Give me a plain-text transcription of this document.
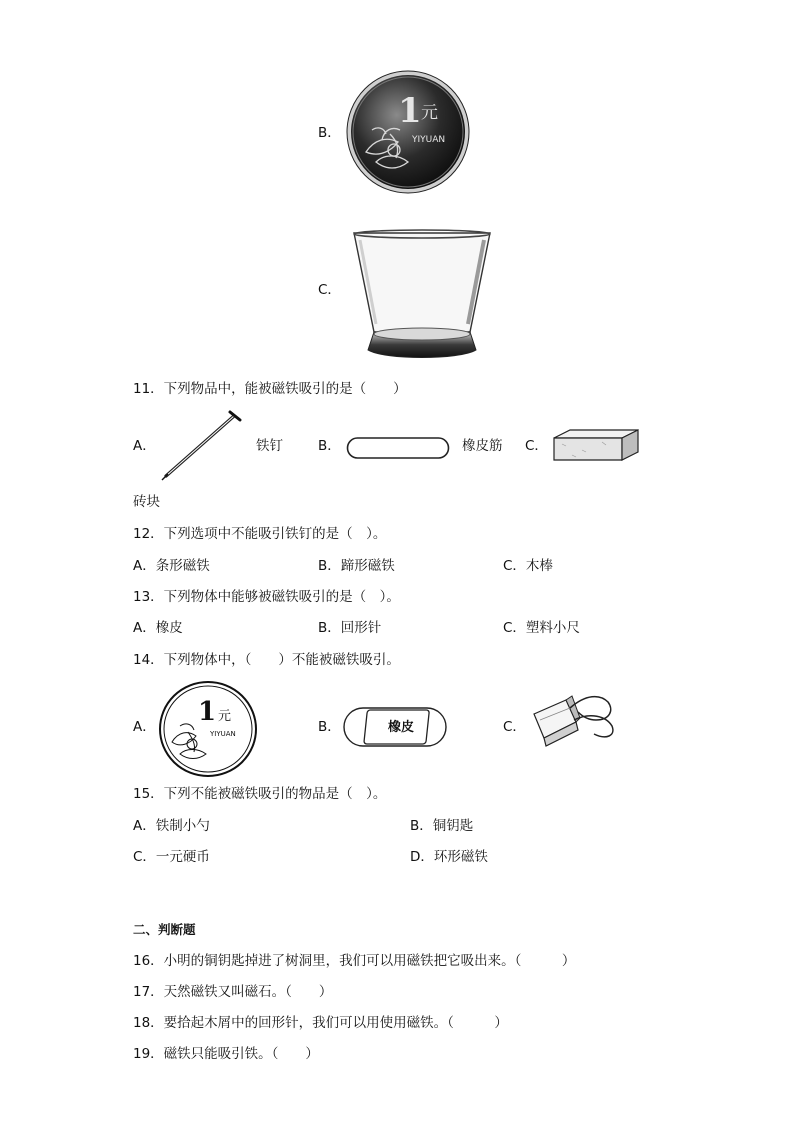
B．
1 元
YIYUAN
C．
11．下列物品中，能被磁铁吸引的是（　　）
A．	铁钉	B．	橡皮筋 C．
砖块
12．下列选项中不能吸引铁钉的是（　）。
A．条形磁铁	B．蹄形磁铁	C．木棒
13．下列物体中能够被磁铁吸引的是（　）。
A．橡皮	B．回形针	C．塑料小尺
14．下列物体中，（　　）不能被磁铁吸引。
A． 1 元
YIYUAN	B．	橡皮	C．
15．下列不能被磁铁吸引的物品是（　）。
A．铁制小勺	B．铜钥匙
C．一元硬币	D．环形磁铁
二、判断题
16．小明的铜钥匙掉进了树洞里，我们可以用磁铁把它吸出来。（　　　）
17．天然磁铁又叫磁石。（　　）
18．要拾起木屑中的回形针，我们可以用使用磁铁。（　　　）
19．磁铁只能吸引铁。（　　）
